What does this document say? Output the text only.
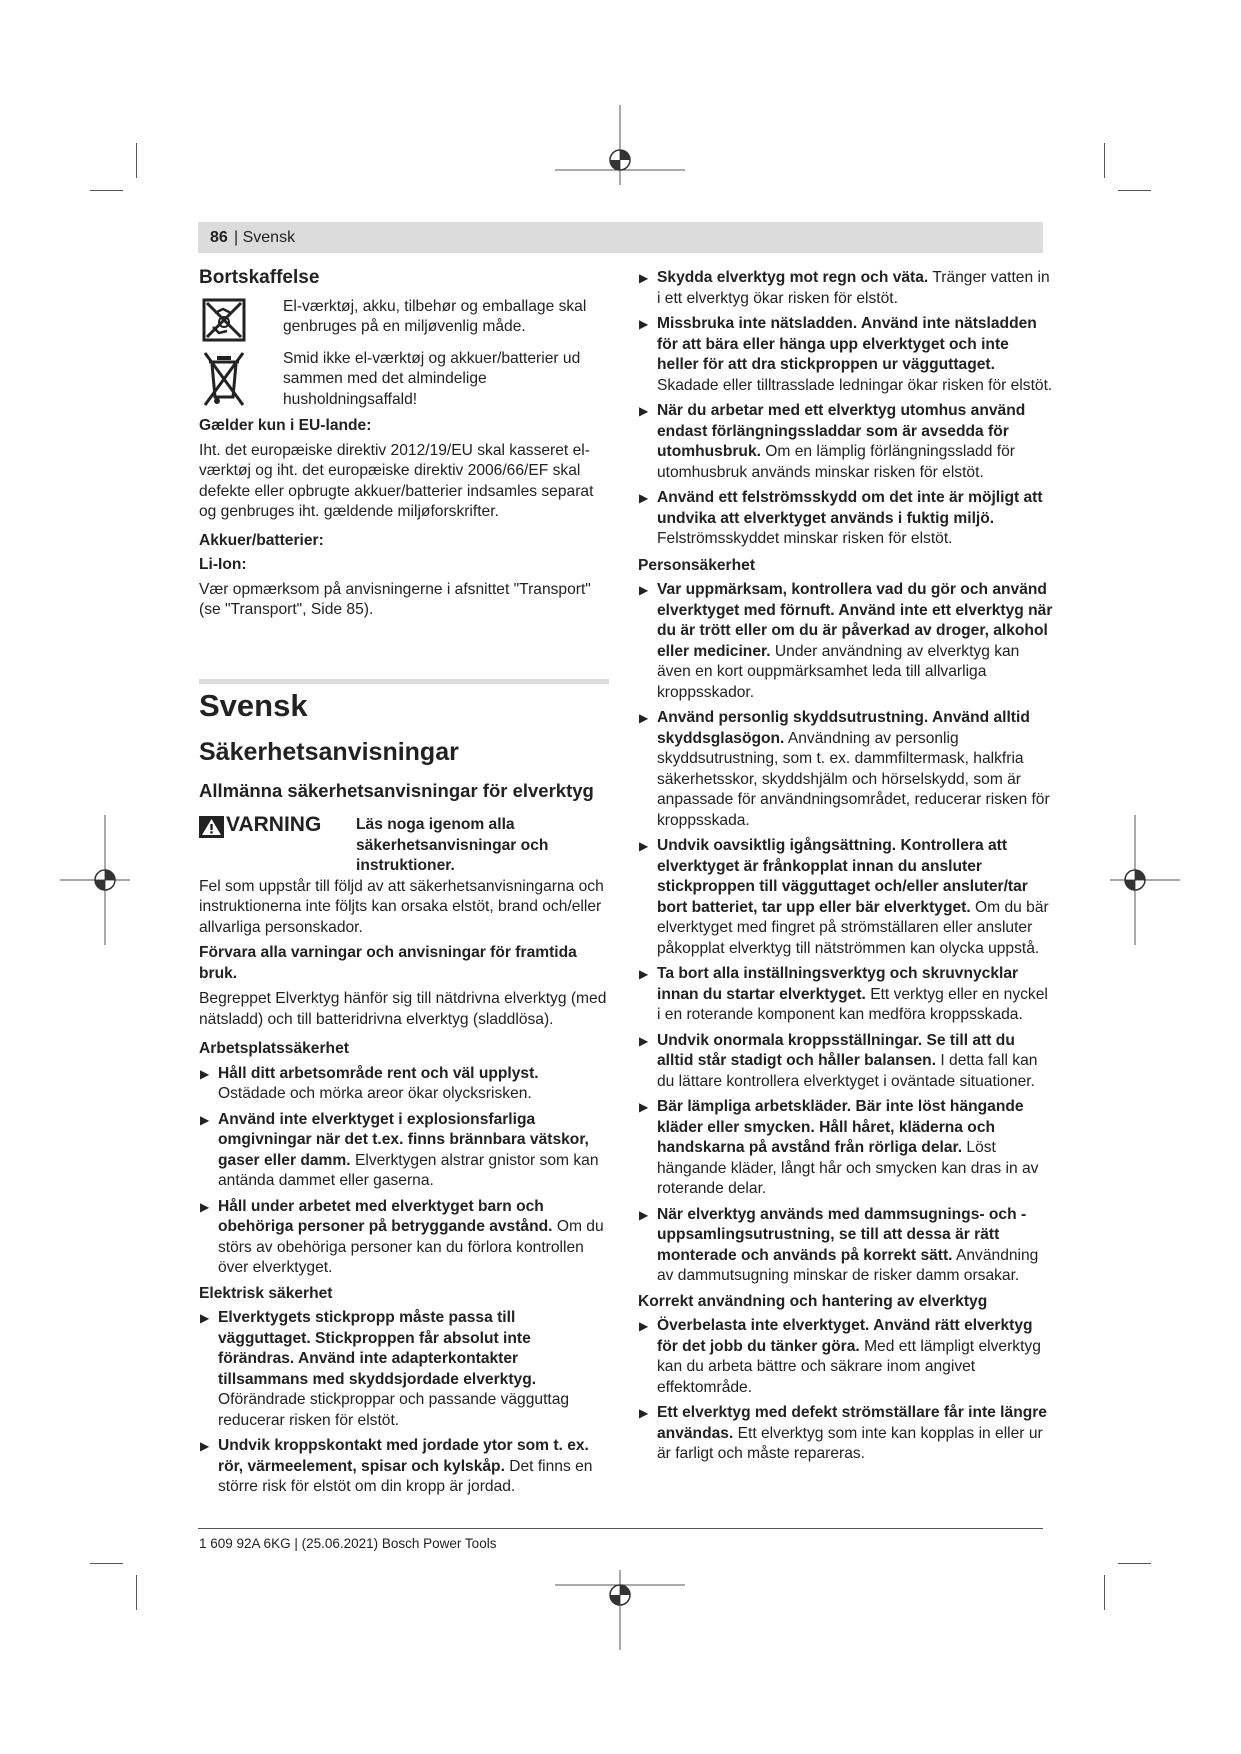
86 | Svensk
Bortskaffelse
El-værktøj, akku, tilbehør og emballage skal genbruges på en miljøvenlig måde.
Smid ikke el-værktøj og akkuer/batterier ud sammen med det almindelige husholdningsaffald!
Gælder kun i EU-lande:

Iht. det europæiske direktiv 2012/19/EU skal kasseret el-værktøj og iht. det europæiske direktiv 2006/66/EF skal defekte eller opbrugte akkuer/batterier indsamles separat og genbruges iht. gældende miljøforskrifter.

Akkuer/batterier:
Li-Ion:

Vær opmærksom på anvisningerne i afsnittet "Transport" (se "Transport", Side 85).

Svensk
Säkerhetsanvisningar
Allmänna säkerhetsanvisningar för elverktyg
VARNING Läs noga igenom alla säkerhetsanvisningar och instruktioner.

Fel som uppstår till följd av att säkerhetsanvisningarna och instruktionerna inte följts kan orsaka elstöt, brand och/eller allvarliga personskador.

Förvara alla varningar och anvisningar för framtida bruk.

Begreppet Elverktyg hänför sig till nätdrivna elverktyg (med nätsladd) och till batteridrivna elverktyg (sladdlösa).

Arbetsplatssäkerhet
▶ Håll ditt arbetsområde rent och väl upplyst. Ostädade och mörka areor ökar olycksrisken.
▶ Använd inte elverktyget i explosionsfarliga omgivningar när det t.ex. finns brännbara vätskor, gaser eller damm. Elverktygen alstrar gnistor som kan antända dammet eller gaserna.
▶ Håll under arbetet med elverktyget barn och obehöriga personer på betryggande avstånd. Om du störs av obehöriga personer kan du förlora kontrollen över elverktyget.
Elektrisk säkerhet
▶ Elverktygets stickpropp måste passa till vägguttaget. Stickproppen får absolut inte förändras. Använd inte adapterkontakter tillsammans med skyddsjordade elverktyg. Oförändrade stickproppar och passande vägguttag reducerar risken för elstöt.
▶ Undvik kroppskontakt med jordade ytor som t. ex. rör, värmeelement, spisar och kylskåp. Det finns en större risk för elstöt om din kropp är jordad.
▶ Skydda elverktyg mot regn och väta. Tränger vatten in i ett elverktyg ökar risken för elstöt.
▶ Missbruka inte nätsladden. Använd inte nätsladden för att bära eller hänga upp elverktyget och inte heller för att dra stickproppen ur vägguttaget. Skadade eller tilltrasslade ledningar ökar risken för elstöt.
▶ När du arbetar med ett elverktyg utomhus använd endast förlängningssladdar som är avsedda för utomhusbruk. Om en lämplig förlängningssladd för utomhusbruk används minskar risken för elstöt.
▶ Använd ett felströmsskydd om det inte är möjligt att undvika att elverktyget används i fuktig miljö. Felströmsskyddet minskar risken för elstöt.
Personsäkerhet
▶ Var uppmärksam, kontrollera vad du gör och använd elverktyget med förnuft. Använd inte ett elverktyg när du är trött eller om du är påverkad av droger, alkohol eller mediciner. Under användning av elverktyg kan även en kort ouppmärksamhet leda till allvarliga kroppsskador.
▶ Använd personlig skyddsutrustning. Använd alltid skyddsglasögon. Användning av personlig skyddsutrustning, som t. ex. dammfiltermask, halkfria säkerhetsskor, skyddshjälm och hörselskydd, som är anpassade för användningsområdet, reducerar risken för kroppsskada.
▶ Undvik oavsiktlig igångsättning. Kontrollera att elverktyget är frånkopplat innan du ansluter stickproppen till vägguttaget och/eller ansluter/tar bort batteriet, tar upp eller bär elverktyget. Om du bär elverktyget med fingret på strömställaren eller ansluter påkopplat elverktyg till nätströmmen kan olycka uppstå.
▶ Ta bort alla inställningsverktyg och skruvnycklar innan du startar elverktyget. Ett verktyg eller en nyckel i en roterande komponent kan medföra kroppsskada.
▶ Undvik onormala kroppsställningar. Se till att du alltid står stadigt och håller balansen. I detta fall kan du lättare kontrollera elverktyget i oväntade situationer.
▶ Bär lämpliga arbetskläder. Bär inte löst hängande kläder eller smycken. Håll håret, kläderna och handskarna på avstånd från rörliga delar. Löst hängande kläder, långt hår och smycken kan dras in av roterande delar.
▶ När elverktyg används med dammsugnings- och -uppsamlingsutrustning, se till att dessa är rätt monterade och används på korrekt sätt. Användning av dammutsugning minskar de risker damm orsakar.
Korrekt användning och hantering av elverktyg
▶ Överbelasta inte elverktyget. Använd rätt elverktyg för det jobb du tänker göra. Med ett lämpligt elverktyg kan du arbeta bättre och säkrare inom angivet effektområde.
▶ Ett elverktyg med defekt strömställare får inte längre användas. Ett elverktyg som inte kan kopplas in eller ur är farligt och måste repareras.
1 609 92A 6KG | (25.06.2021) Bosch Power Tools
